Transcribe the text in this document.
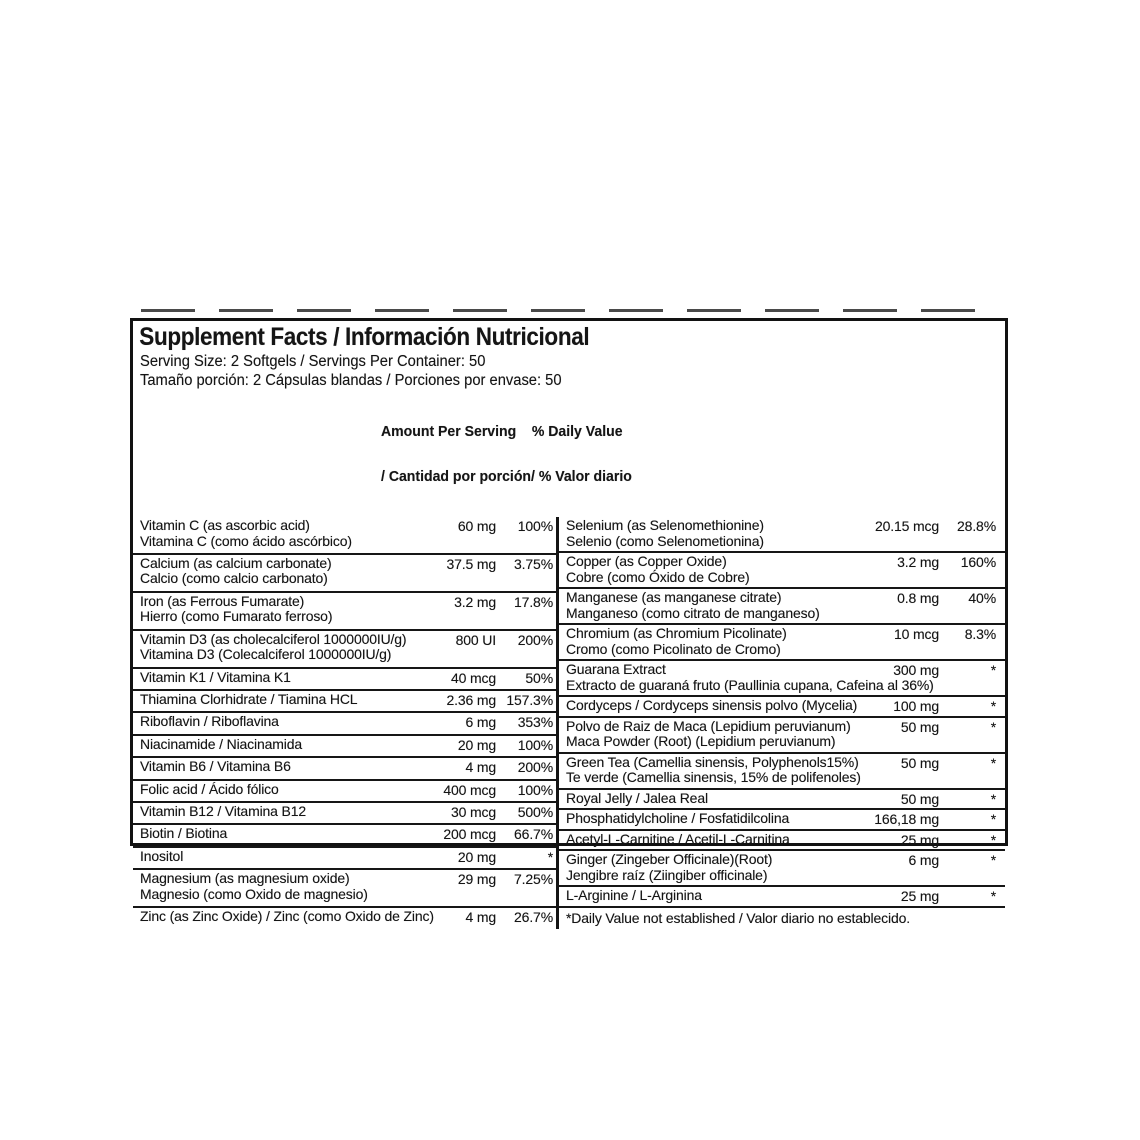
Supplement Facts / Información Nutricional
Serving Size: 2 Softgels / Servings Per Container: 50
Tamaño porción: 2 Cápsulas blandas / Porciones por envase: 50

Amount Per Serving    % Daily Value

/ Cantidad por porción/ % Valor diario

Vitamin C (as ascorbic acid)
Vitamina C (como ácido ascórbico)
60 mg	100%
Calcium (as calcium carbonate)
Calcio (como calcio carbonato)
37.5 mg	3.75%
Iron (as Ferrous Fumarate)
Hierro (como Fumarato ferroso)
3.2 mg	17.8%
Vitamin D3 (as cholecalciferol 1000000IU/g)
Vitamina D3 (Colecalciferol 1000000IU/g)
800 UI	200%
Vitamin K1 / Vitamina K1	40 mcg	50%
Thiamina Clorhidrate / Tiamina HCL	2.36 mg 157.3%
Riboflavin / Riboflavina	6 mg	353%
Niacinamide / Niacinamida	20 mg	100%
Vitamin B6 / Vitamina B6	4 mg	200%
Folic acid / Ácido fólico	400 mcg	100%
Vitamin B12 / Vitamina B12	30 mcg	500%
Biotin / Biotina	200 mcg	66.7%
Inositol	20 mg	*
Magnesium (as magnesium oxide)
Magnesio (como Oxido de magnesio)
29 mg	7.25%
Zinc (as Zinc Oxide) / Zinc (como Oxido de Zinc)	4 mg	26.7%
Selenium (as Selenomethionine)
Selenio (como Selenometionina)
20.15 mcg	28.8%
Copper (as Copper Oxide)
Cobre (como Óxido de Cobre)
3.2 mg	160%
Manganese (as manganese citrate)
Manganeso (como citrato de manganeso)
0.8 mg	40%
Chromium (as Chromium Picolinate)
Cromo (como Picolinato de Cromo)
10 mcg	8.3%
Guarana Extract
Extracto de guaraná fruto (Paullinia cupana, Cafeina al 36%)
300 mg	*
Cordyceps / Cordyceps sinensis polvo (Mycelia)	100 mg	*
Polvo de Raiz de Maca (Lepidium peruvianum)
Maca Powder (Root) (Lepidium peruvianum)
50 mg	*
Green Tea (Camellia sinensis, Polyphenols15%)
Te verde (Camellia sinensis, 15% de polifenoles)
50 mg	*
Royal Jelly / Jalea Real	50 mg	*
Phosphatidylcholine / Fosfatidilcolina	166,18 mg	*
Acetyl-L-Carnitine / Acetil-L-Carnitina	25 mg	*
Ginger (Zingeber Officinale)(Root)
Jengibre raíz (Ziingiber officinale)
6 mg	*
L-Arginine / L-Arginina	25 mg	*
*Daily Value not established / Valor diario no establecido.
